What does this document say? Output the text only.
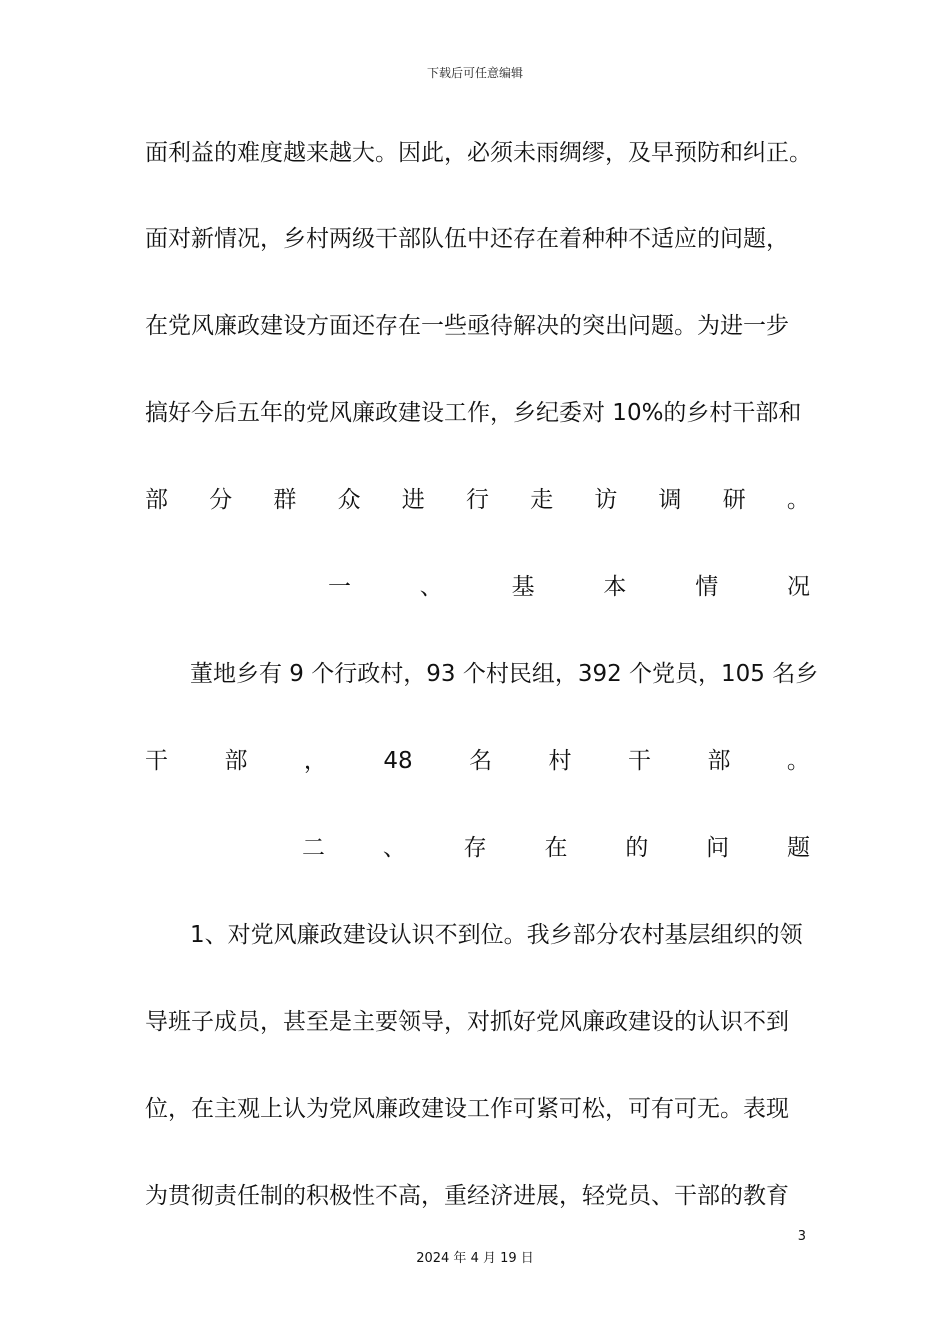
下载后可任意编辑
面利益的难度越来越大。因此，必须未雨绸缪，及早预防和纠正。
面对新情况，乡村两级干部队伍中还存在着种种不适应的问题，
在党风廉政建设方面还存在一些亟待解决的突出问题。为进一步
搞好今后五年的党风廉政建设工作，乡纪委对 10%的乡村干部和
部 分 群 众 进 行 走 访 调 研 。
一	、	基	本	情	况
董地乡有 9 个行政村，93 个村民组，392 个党员，105 名乡
干 部 ， 48 名 村 干 部 。
二	、	存	在	的	问	题
1、对党风廉政建设认识不到位。我乡部分农村基层组织的领
导班子成员，甚至是主要领导，对抓好党风廉政建设的认识不到
位，在主观上认为党风廉政建设工作可紧可松，可有可无。表现
为贯彻责任制的积极性不高，重经济进展，轻党员、干部的教育
3
2024 年 4 月 19 日
